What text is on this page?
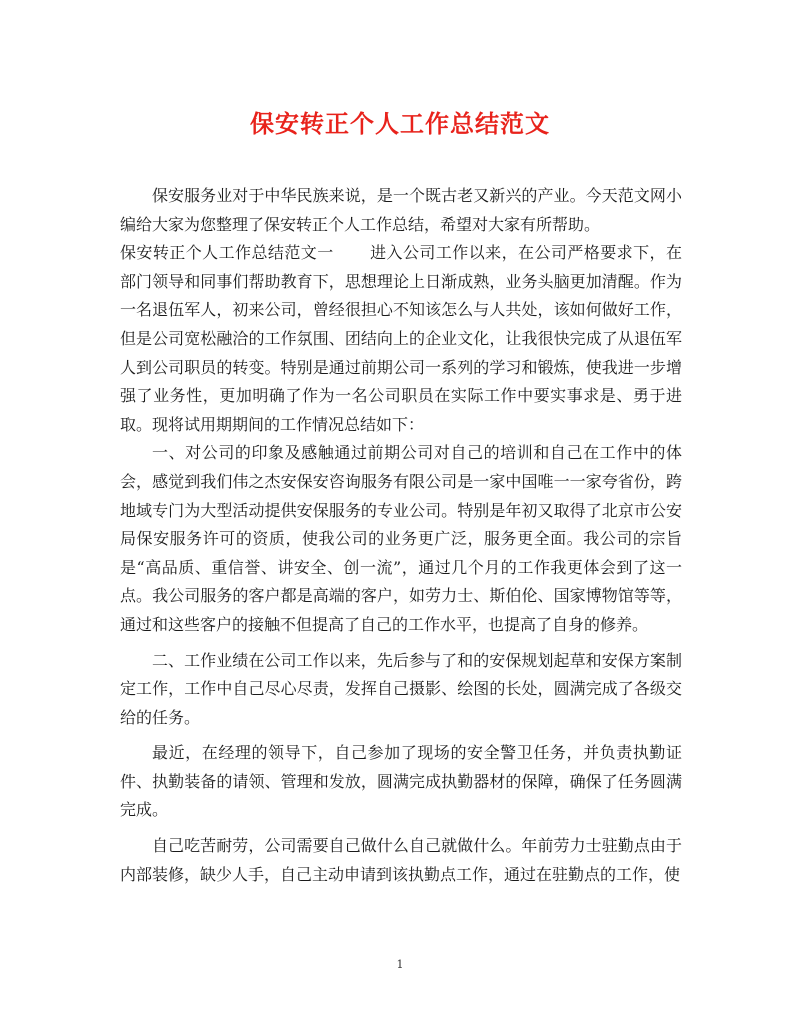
保安转正个人工作总结范文

保安服务业对于中华民族来说，是一个既古老又新兴的产业。今天范文网小编给大家为您整理了保安转正个人工作总结，希望对大家有所帮助。

保安转正个人工作总结范文一 进入公司工作以来，在公司严格要求下，在部门领导和同事们帮助教育下，思想理论上日渐成熟，业务头脑更加清醒。作为一名退伍军人，初来公司，曾经很担心不知该怎么与人共处，该如何做好工作，但是公司宽松融洽的工作氛围、团结向上的企业文化，让我很快完成了从退伍军人到公司职员的转变。特别是通过前期公司一系列的学习和锻炼，使我进一步增强了业务性，更加明确了作为一名公司职员在实际工作中要实事求是、勇于进取。现将试用期期间的工作情况总结如下：

一、对公司的印象及感触通过前期公司对自己的培训和自己在工作中的体会，感觉到我们伟之杰安保安咨询服务有限公司是一家中国唯一一家夸省份，跨地域专门为大型活动提供安保服务的专业公司。特别是年初又取得了北京市公安局保安服务许可的资质，使我公司的业务更广泛，服务更全面。我公司的宗旨是“高品质、重信誉、讲安全、创一流”，通过几个月的工作我更体会到了这一点。我公司服务的客户都是高端的客户，如劳力士、斯伯伦、国家博物馆等等，通过和这些客户的接触不但提高了自己的工作水平，也提高了自身的修养。

二、工作业绩在公司工作以来，先后参与了和的安保规划起草和安保方案制定工作，工作中自己尽心尽责，发挥自己摄影、绘图的长处，圆满完成了各级交给的任务。

最近，在经理的领导下，自己参加了现场的安全警卫任务，并负责执勤证件、执勤装备的请领、管理和发放，圆满完成执勤器材的保障，确保了任务圆满完成。

自己吃苦耐劳，公司需要自己做什么自己就做什么。年前劳力士驻勤点由于内部装修，缺少人手，自己主动申请到该执勤点工作，通过在驻勤点的工作，使

1
